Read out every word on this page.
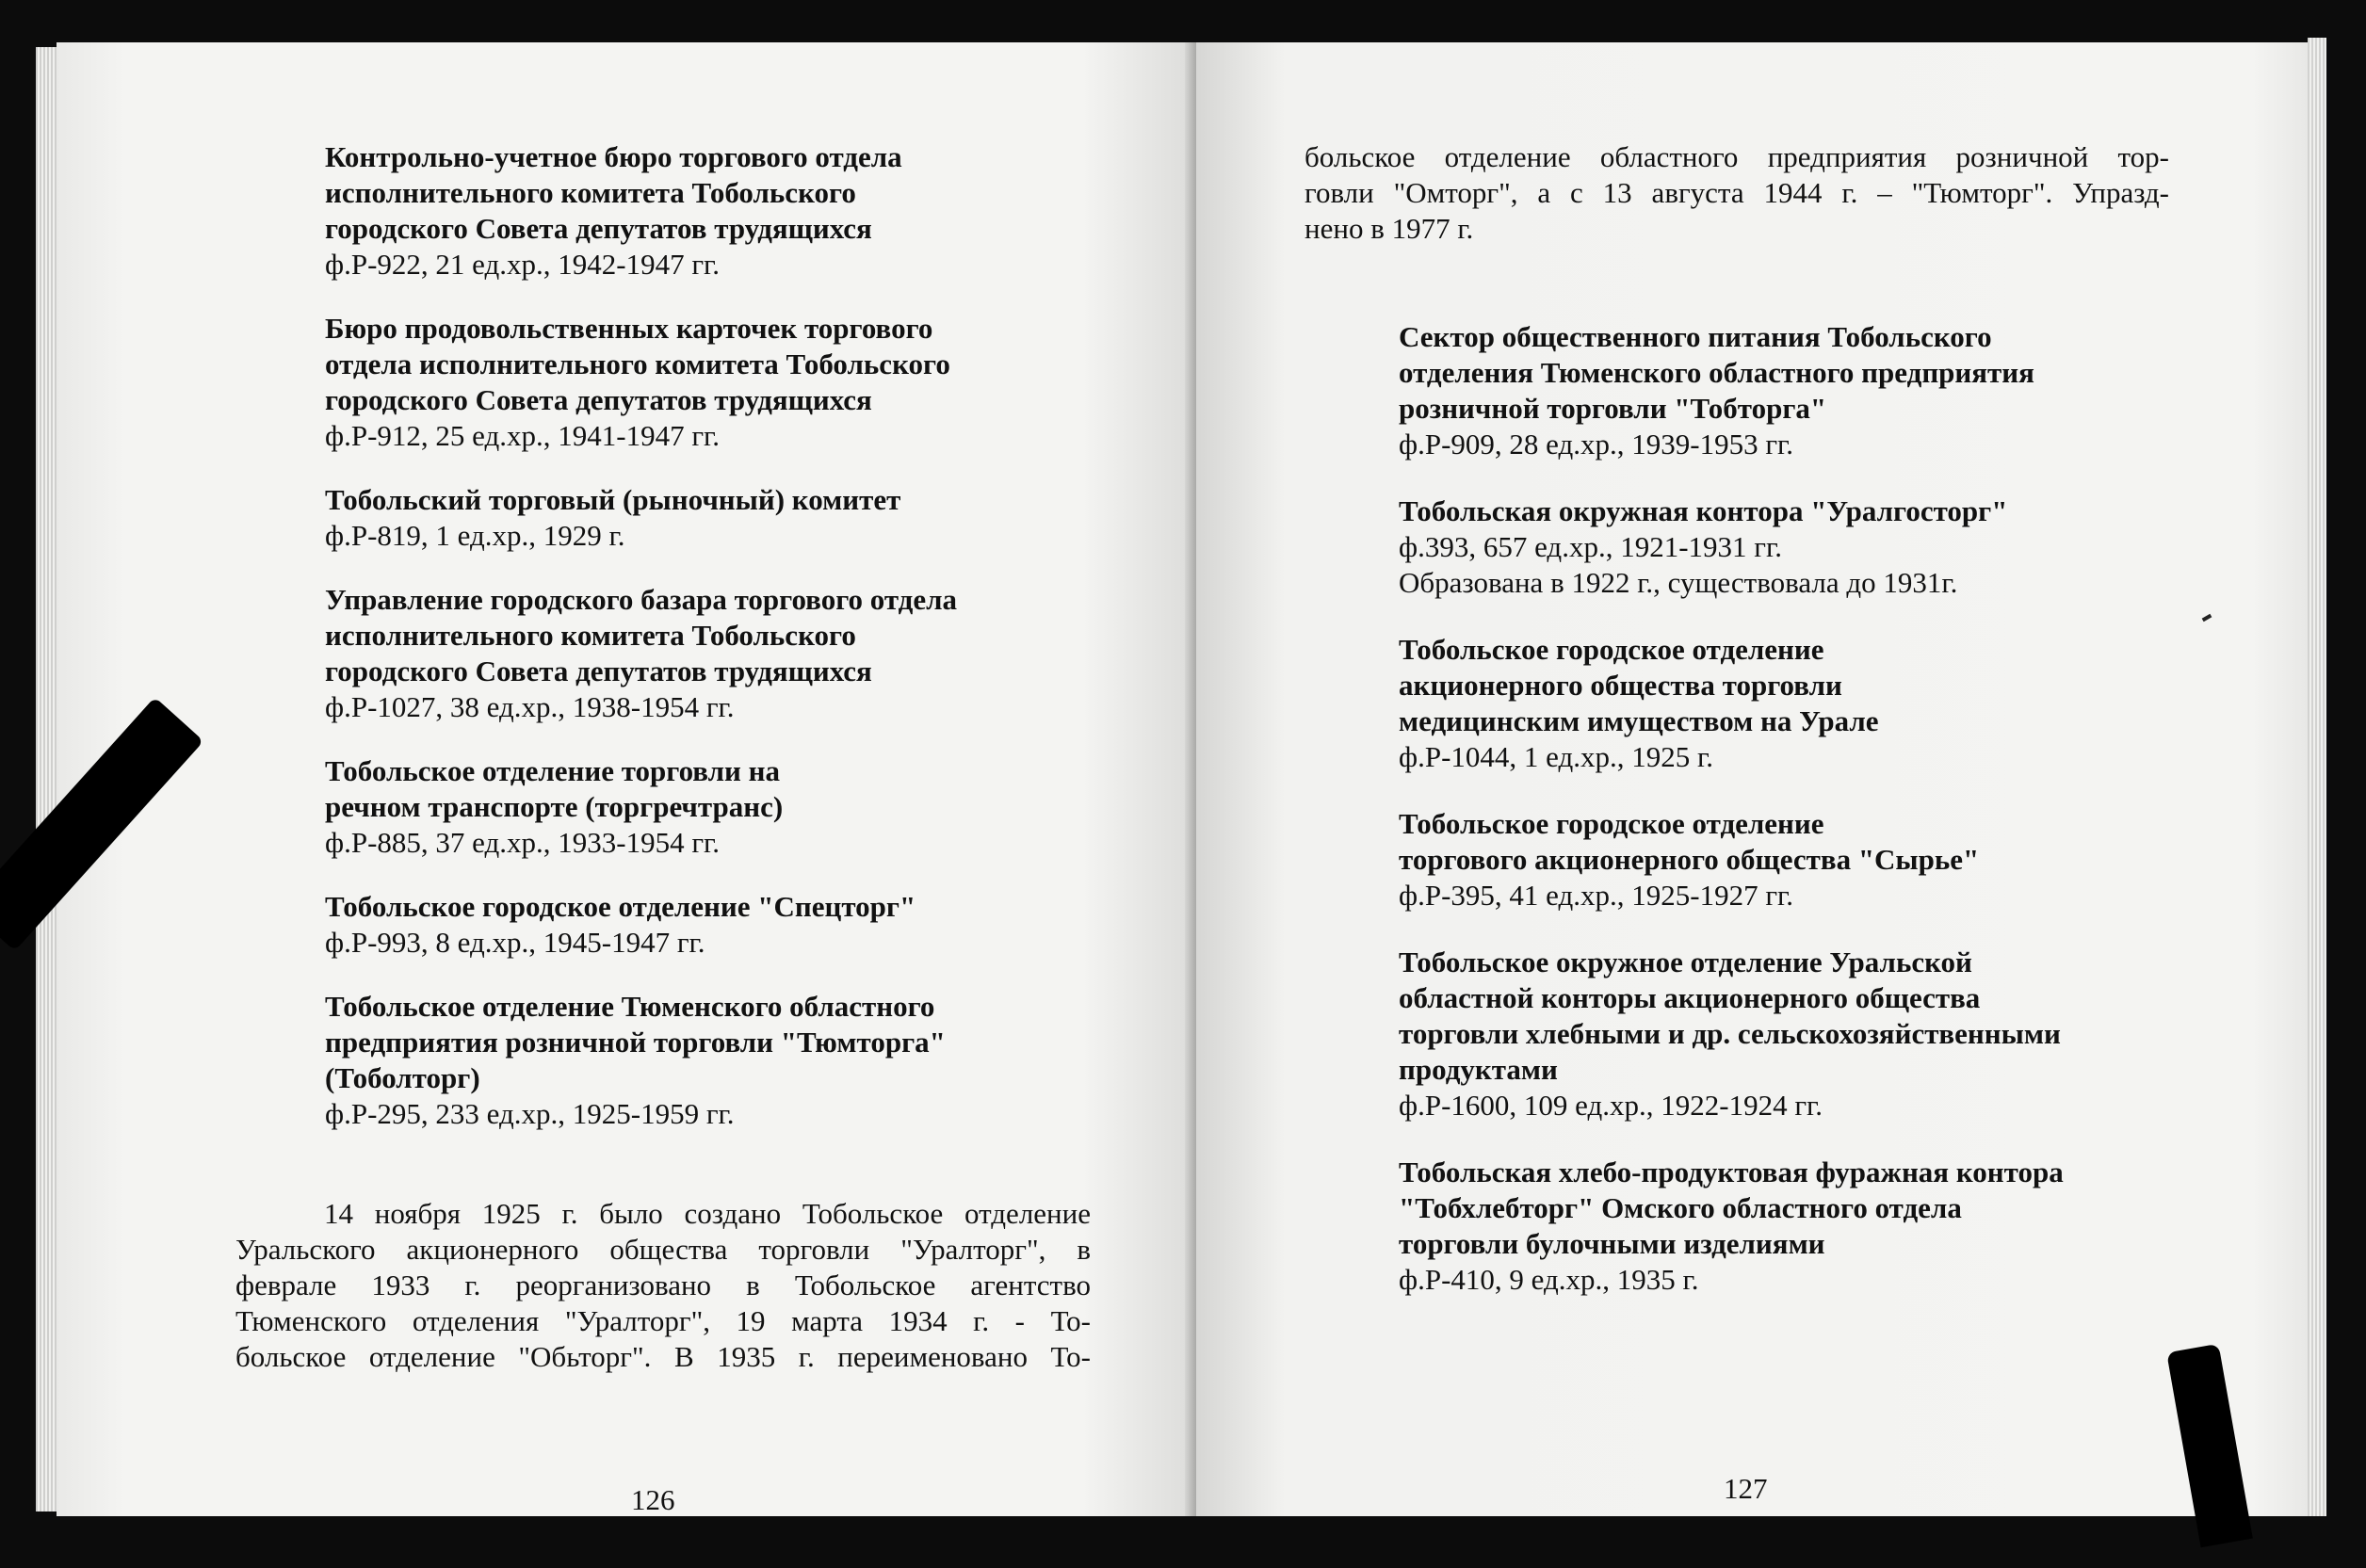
Контрольно-учетное бюро торгового отдела
исполнительного комитета Тобольского
городского Совета депутатов трудящихся
ф.Р-922, 21 ед.хр., 1942-1947 гг.
Бюро продовольственных карточек торгового
отдела исполнительного комитета Тобольского
городского Совета депутатов трудящихся
ф.Р-912, 25 ед.хр., 1941-1947 гг.
Тобольский торговый (рыночный) комитет
ф.Р-819, 1 ед.хр., 1929 г.
Управление городского базара торгового отдела
исполнительного комитета Тобольского
городского Совета депутатов трудящихся
ф.Р-1027, 38 ед.хр., 1938-1954 гг.
Тобольское отделение торговли на
речном транспорте (торгречтранс)
ф.Р-885, 37 ед.хр., 1933-1954 гг.
Тобольское городское отделение "Спецторг"
ф.Р-993, 8 ед.хр., 1945-1947 гг.
Тобольское отделение Тюменского областного
предприятия розничной торговли "Тюмторга"
(Тоболторг)
ф.Р-295, 233 ед.хр., 1925-1959 гг.
14 ноября 1925 г. было создано Тобольское отделение
Уральского акционерного общества торговли "Уралторг", в
феврале 1933 г. реорганизовано в Тобольское агентство
Тюменского отделения "Уралторг", 19 марта 1934 г. - То-
больское отделение "Обьторг". В 1935 г. переименовано То-
126
больское отделение областного предприятия розничной тор-
говли "Омторг", а с 13 августа 1944 г. – "Тюмторг". Упразд-
нено в 1977 г.
Сектор общественного питания Тобольского
отделения Тюменского областного предприятия
розничной торговли "Тобторга"
ф.Р-909, 28 ед.хр., 1939-1953 гг.
Тобольская окружная контора "Уралгосторг"
ф.393, 657 ед.хр., 1921-1931 гг.
Образована в 1922 г., существовала до 1931г.
Тобольское городское отделение
акционерного общества торговли
медицинским имуществом на Урале
ф.Р-1044, 1 ед.хр., 1925 г.
Тобольское городское отделение
торгового акционерного общества "Сырье"
ф.Р-395, 41 ед.хр., 1925-1927 гг.
Тобольское окружное отделение Уральской
областной конторы акционерного общества
торговли хлебными и др. сельскохозяйственными
продуктами
ф.Р-1600, 109 ед.хр., 1922-1924 гг.
Тобольская хлебо-продуктовая фуражная контора
"Тобхлебторг" Омского областного отдела
торговли булочными изделиями
ф.Р-410, 9 ед.хр., 1935 г.
127
